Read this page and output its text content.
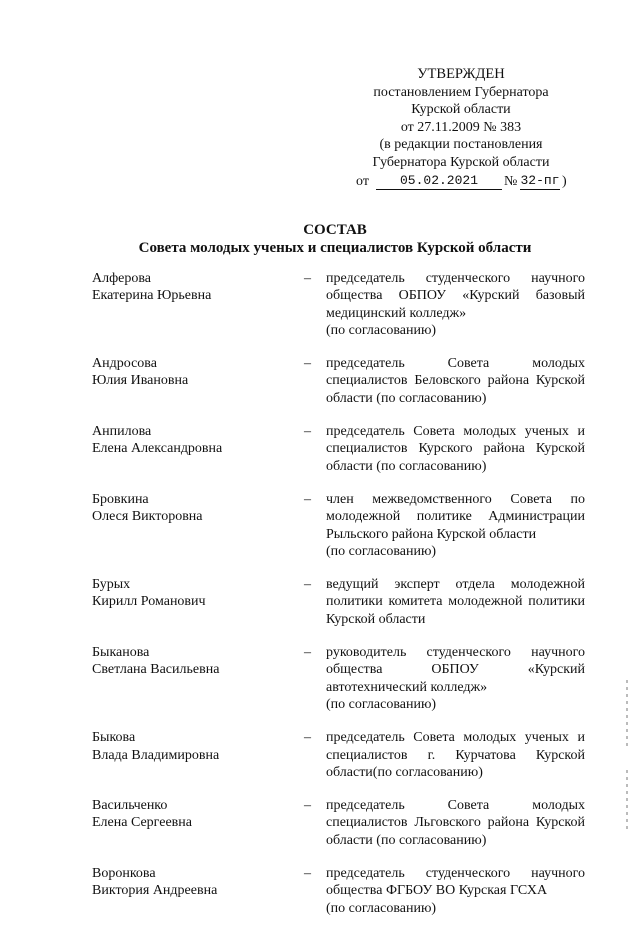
УТВЕРЖДЕН
постановлением Губернатора
Курской области
от 27.11.2009 № 383
(в редакции постановления
Губернатора Курской области
от	05.02.2021	№ 32-пг )
СОСТАВ
Совета молодых ученых и специалистов Курской области
Алферова
Екатерина Юрьевна
–	председатель студенческого научного общества ОБПОУ «Курский базовый медицинский колледж»
(по согласованию)
Андросова
Юлия Ивановна
–	председатель Совета молодых специалистов Беловского района Курской области (по согласованию)
Анпилова
Елена Александровна
–	председатель Совета молодых ученых и специалистов Курского района Курской области (по согласованию)
Бровкина
Олеся Викторовна
–	член межведомственного Совета по молодежной политике Администрации Рыльского района Курской области
(по согласованию)
Бурых
Кирилл Романович
–	ведущий эксперт отдела молодежной политики комитета молодежной политики Курской области
Быканова
Светлана Васильевна
–	руководитель студенческого научного общества ОБПОУ «Курский автотехнический колледж»
(по согласованию)
Быкова
Влада Владимировна
–	председатель Совета молодых ученых и специалистов г. Курчатова Курской области(по согласованию)
Васильченко
Елена Сергеевна
–	председатель Совета молодых специалистов Льговского района Курской области (по согласованию)
Воронкова
Виктория Андреевна
–	председатель студенческого научного общества ФГБОУ ВО Курская ГСХА
(по согласованию)
